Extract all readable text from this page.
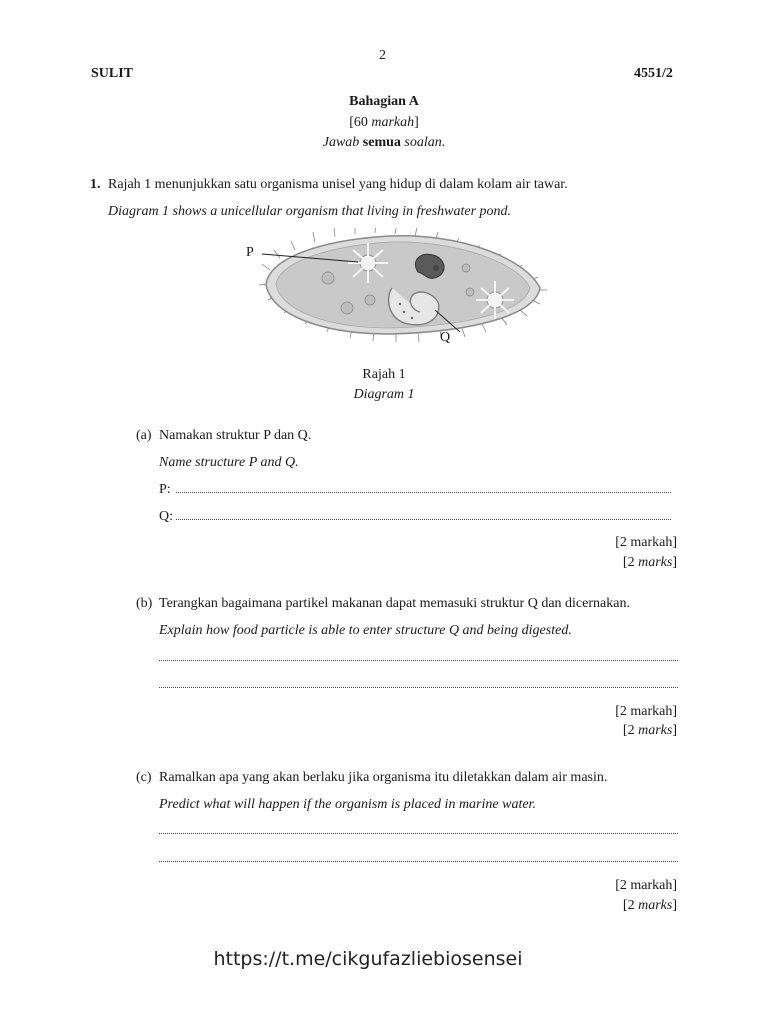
2
SULIT	4551/2
Bahagian A
[60 markah]
Jawab semua soalan.
1. Rajah 1 menunjukkan satu organisma unisel yang hidup di dalam kolam air tawar.
Diagram 1 shows a unicellular organism that living in freshwater pond.
P
Q
Rajah 1
Diagram 1
(a) Namakan struktur P dan Q.
Name structure P and Q.
P:
Q:
[2 markah]
[2 marks]
(b) Terangkan bagaimana partikel makanan dapat memasuki struktur Q dan dicernakan.
Explain how food particle is able to enter structure Q and being digested.
[2 markah]
[2 marks]
(c) Ramalkan apa yang akan berlaku jika organisma itu diletakkan dalam air masin.
Predict what will happen if the organism is placed in marine water.
[2 markah]
[2 marks]
https://t.me/cikgufazliebiosensei
